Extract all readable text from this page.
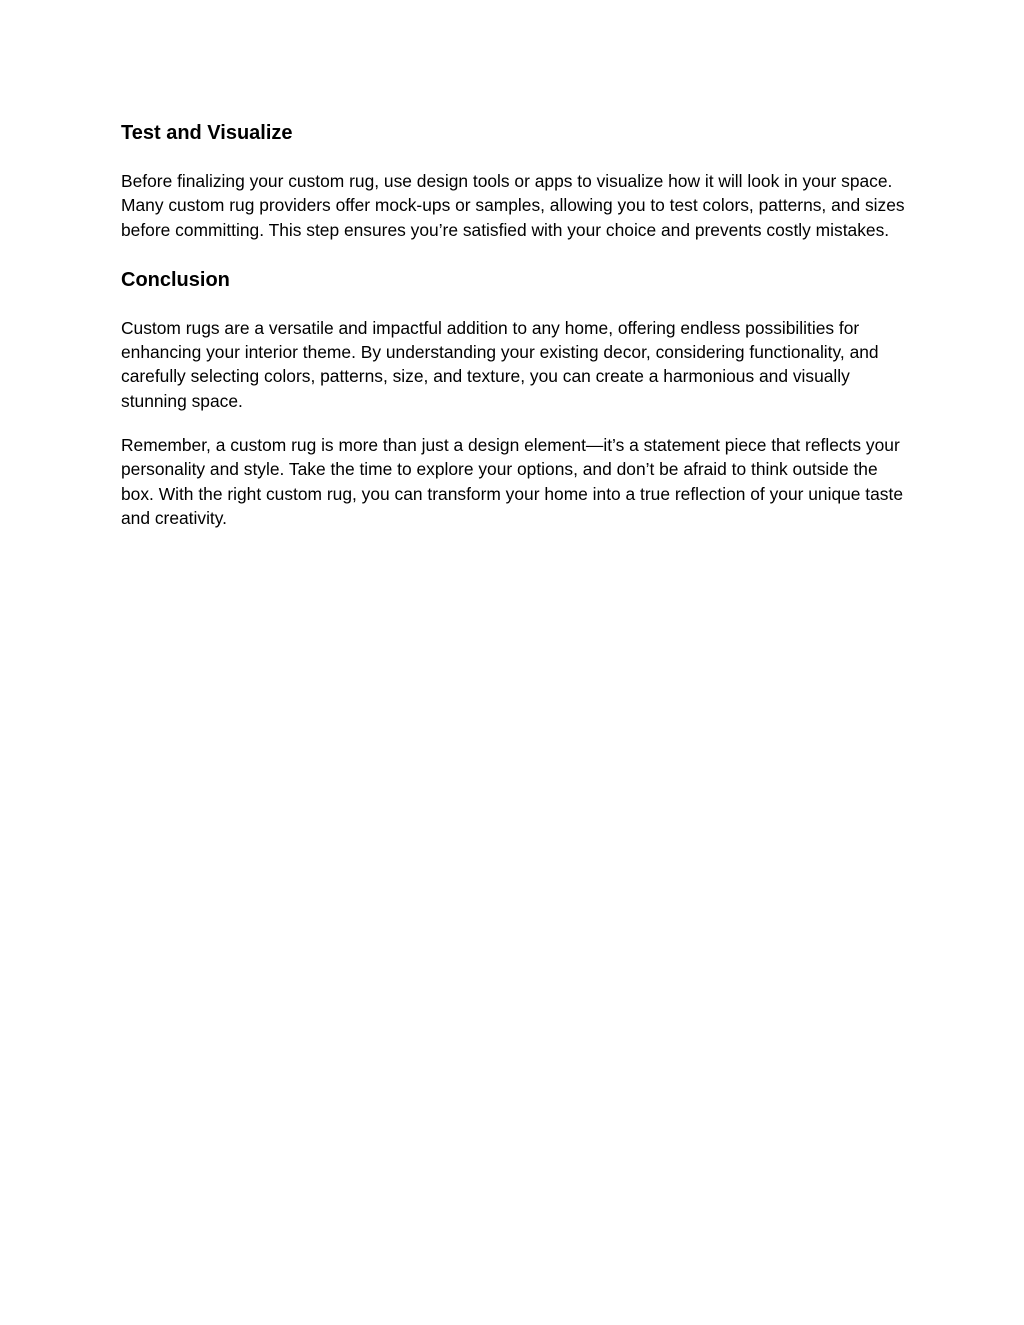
Test and Visualize

Before finalizing your custom rug, use design tools or apps to visualize how it will look in your space. Many custom rug providers offer mock-ups or samples, allowing you to test colors, patterns, and sizes before committing. This step ensures you’re satisfied with your choice and prevents costly mistakes.

Conclusion

Custom rugs are a versatile and impactful addition to any home, offering endless possibilities for enhancing your interior theme. By understanding your existing decor, considering functionality, and carefully selecting colors, patterns, size, and texture, you can create a harmonious and visually stunning space.

Remember, a custom rug is more than just a design element—it’s a statement piece that reflects your personality and style. Take the time to explore your options, and don’t be afraid to think outside the box. With the right custom rug, you can transform your home into a true reflection of your unique taste and creativity.
